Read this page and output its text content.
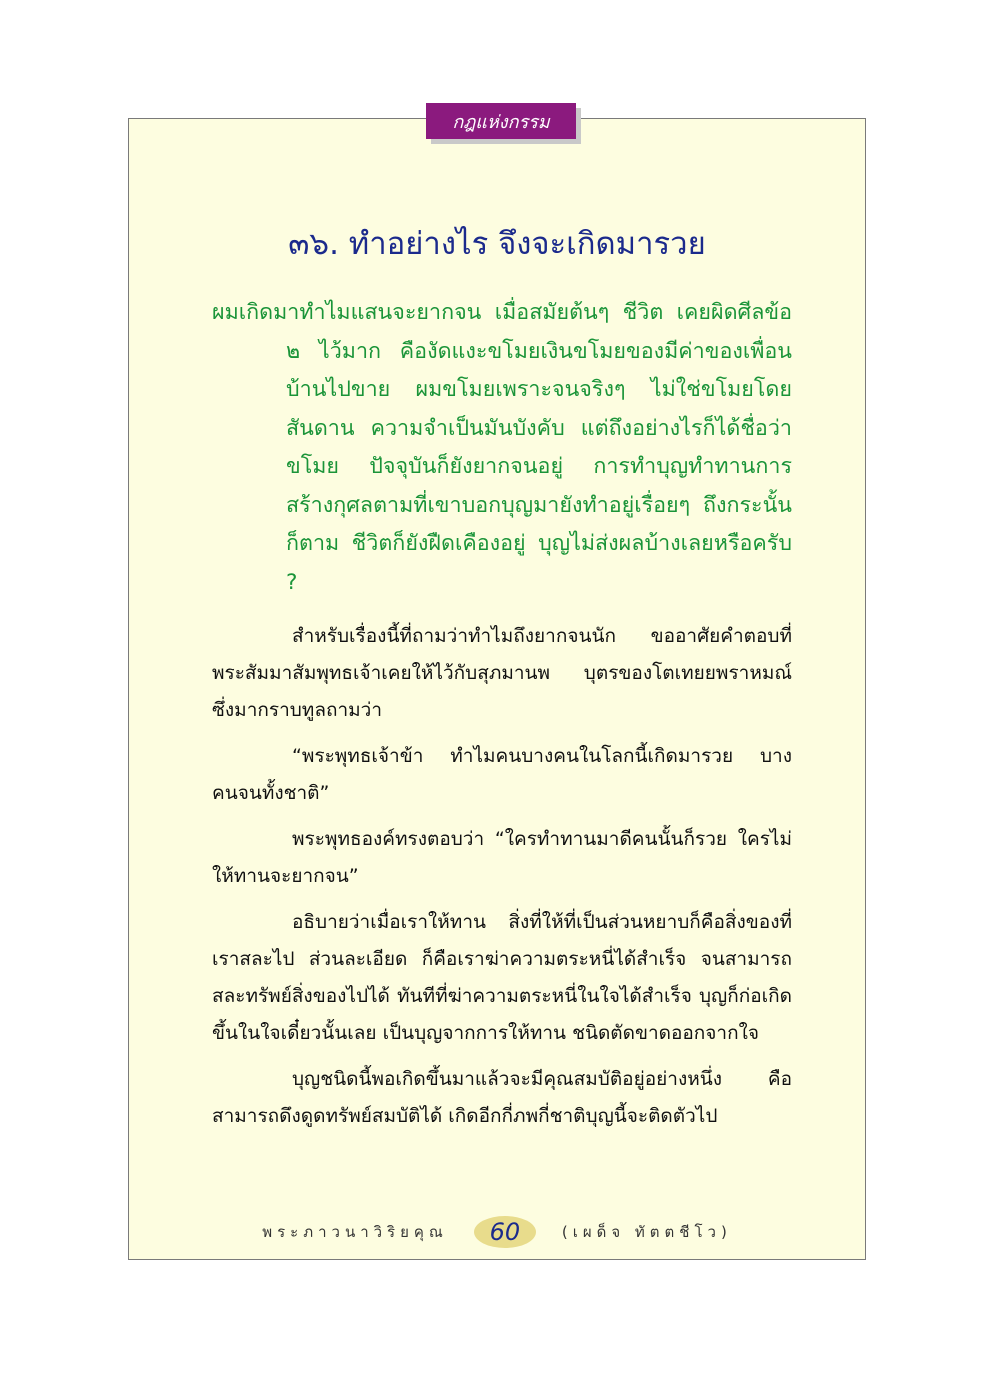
กฎแห่งกรรม
๓๖. ทำอย่างไร จึงจะเกิดมารวย
ผมเกิดมาทำไมแสนจะยากจน เมื่อสมัยต้นๆ ชีวิต เคยผิดศีลข้อ ๒ ไว้มาก คืองัดแงะขโมยเงินขโมยของมีค่าของเพื่อนบ้านไปขาย ผมขโมยเพราะจนจริงๆ ไม่ใช่ขโมยโดยสันดาน ความจำเป็นมันบังคับ แต่ถึงอย่างไรก็ได้ชื่อว่าขโมย ปัจจุบันก็ยังยากจนอยู่ การทำบุญทำทานการสร้างกุศลตามที่เขาบอกบุญมายังทำอยู่เรื่อยๆ ถึงกระนั้นก็ตาม ชีวิตก็ยังฝืดเคืองอยู่ บุญไม่ส่งผลบ้างเลยหรือครับ ?

สำหรับเรื่องนี้ที่ถามว่าทำไมถึงยากจนนัก ขออาศัยคำตอบที่พระสัมมาสัมพุทธเจ้าเคยให้ไว้กับสุภมานพ บุตรของโตเทยยพราหมณ์ ซึ่งมากราบทูลถามว่า

“พระพุทธเจ้าข้า ทำไมคนบางคนในโลกนี้เกิดมารวย บางคนจนทั้งชาติ”

พระพุทธองค์ทรงตอบว่า “ใครทำทานมาดีคนนั้นก็รวย ใครไม่ให้ทานจะยากจน”

อธิบายว่าเมื่อเราให้ทาน สิ่งที่ให้ที่เป็นส่วนหยาบก็คือสิ่งของที่เราสละไป ส่วนละเอียด ก็คือเราฆ่าความตระหนี่ได้สำเร็จ จนสามารถสละทรัพย์สิ่งของไปได้ ทันทีที่ฆ่าความตระหนี่ในใจได้สำเร็จ บุญก็ก่อเกิดขึ้นในใจเดี๋ยวนั้นเลย เป็นบุญจากการให้ทาน ชนิดตัดขาดออกจากใจ

บุญชนิดนี้พอเกิดขึ้นมาแล้วจะมีคุณสมบัติอยู่อย่างหนึ่ง คือสามารถดึงดูดทรัพย์สมบัติได้ เกิดอีกกี่ภพกี่ชาติบุญนี้จะติดตัวไป

พระภาวนาวิริยคุณ	60	(เผด็จ ทัตตชีโว)
